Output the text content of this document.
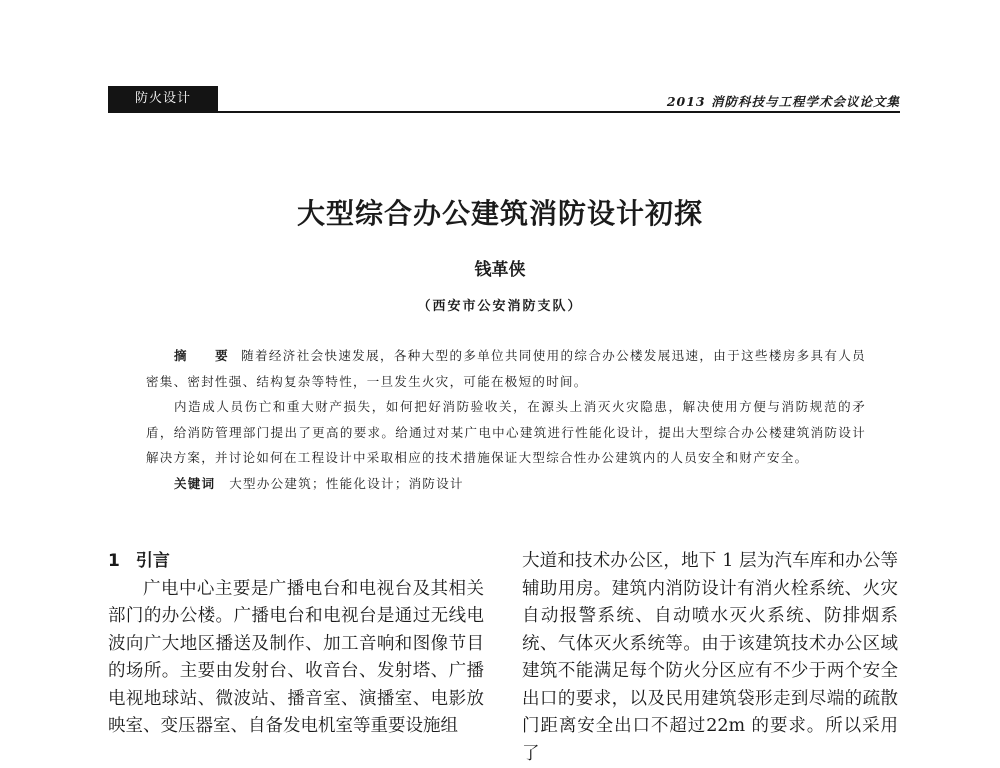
防火设计	2013 消防科技与工程学术会议论文集
大型综合办公建筑消防设计初探
钱革侠
（西安市公安消防支队）

摘　要 随着经济社会快速发展，各种大型的多单位共同使用的综合办公楼发展迅速，由于这些楼房多具有人员密集、密封性强、结构复杂等特性，一旦发生火灾，可能在极短的时间。

内造成人员伤亡和重大财产损失，如何把好消防验收关，在源头上消灭火灾隐患，解决使用方便与消防规范的矛盾，给消防管理部门提出了更高的要求。给通过对某广电中心建筑进行性能化设计，提出大型综合办公楼建筑消防设计解决方案，并讨论如何在工程设计中采取相应的技术措施保证大型综合性办公建筑内的人员安全和财产安全。

关键词　 大型办公建筑；性能化设计；消防设计

1 引言

广电中心主要是广播电台和电视台及其相关部门的办公楼。广播电台和电视台是通过无线电波向广大地区播送及制作、加工音响和图像节目的场所。主要由发射台、收音台、发射塔、广播电视地球站、微波站、播音室、演播室、电影放映室、变压器室、自备发电机室等重要设施组

大道和技术办公区，地下 1 层为汽车库和办公等辅助用房。建筑内消防设计有消火栓系统、火灾自动报警系统、自动喷水灭火系统、防排烟系统、气体灭火系统等。由于该建筑技术办公区域建筑不能满足每个防火分区应有不少于两个安全出口的要求，以及民用建筑袋形走到尽端的疏散门距离安全出口不超过22m 的要求。所以采用了
